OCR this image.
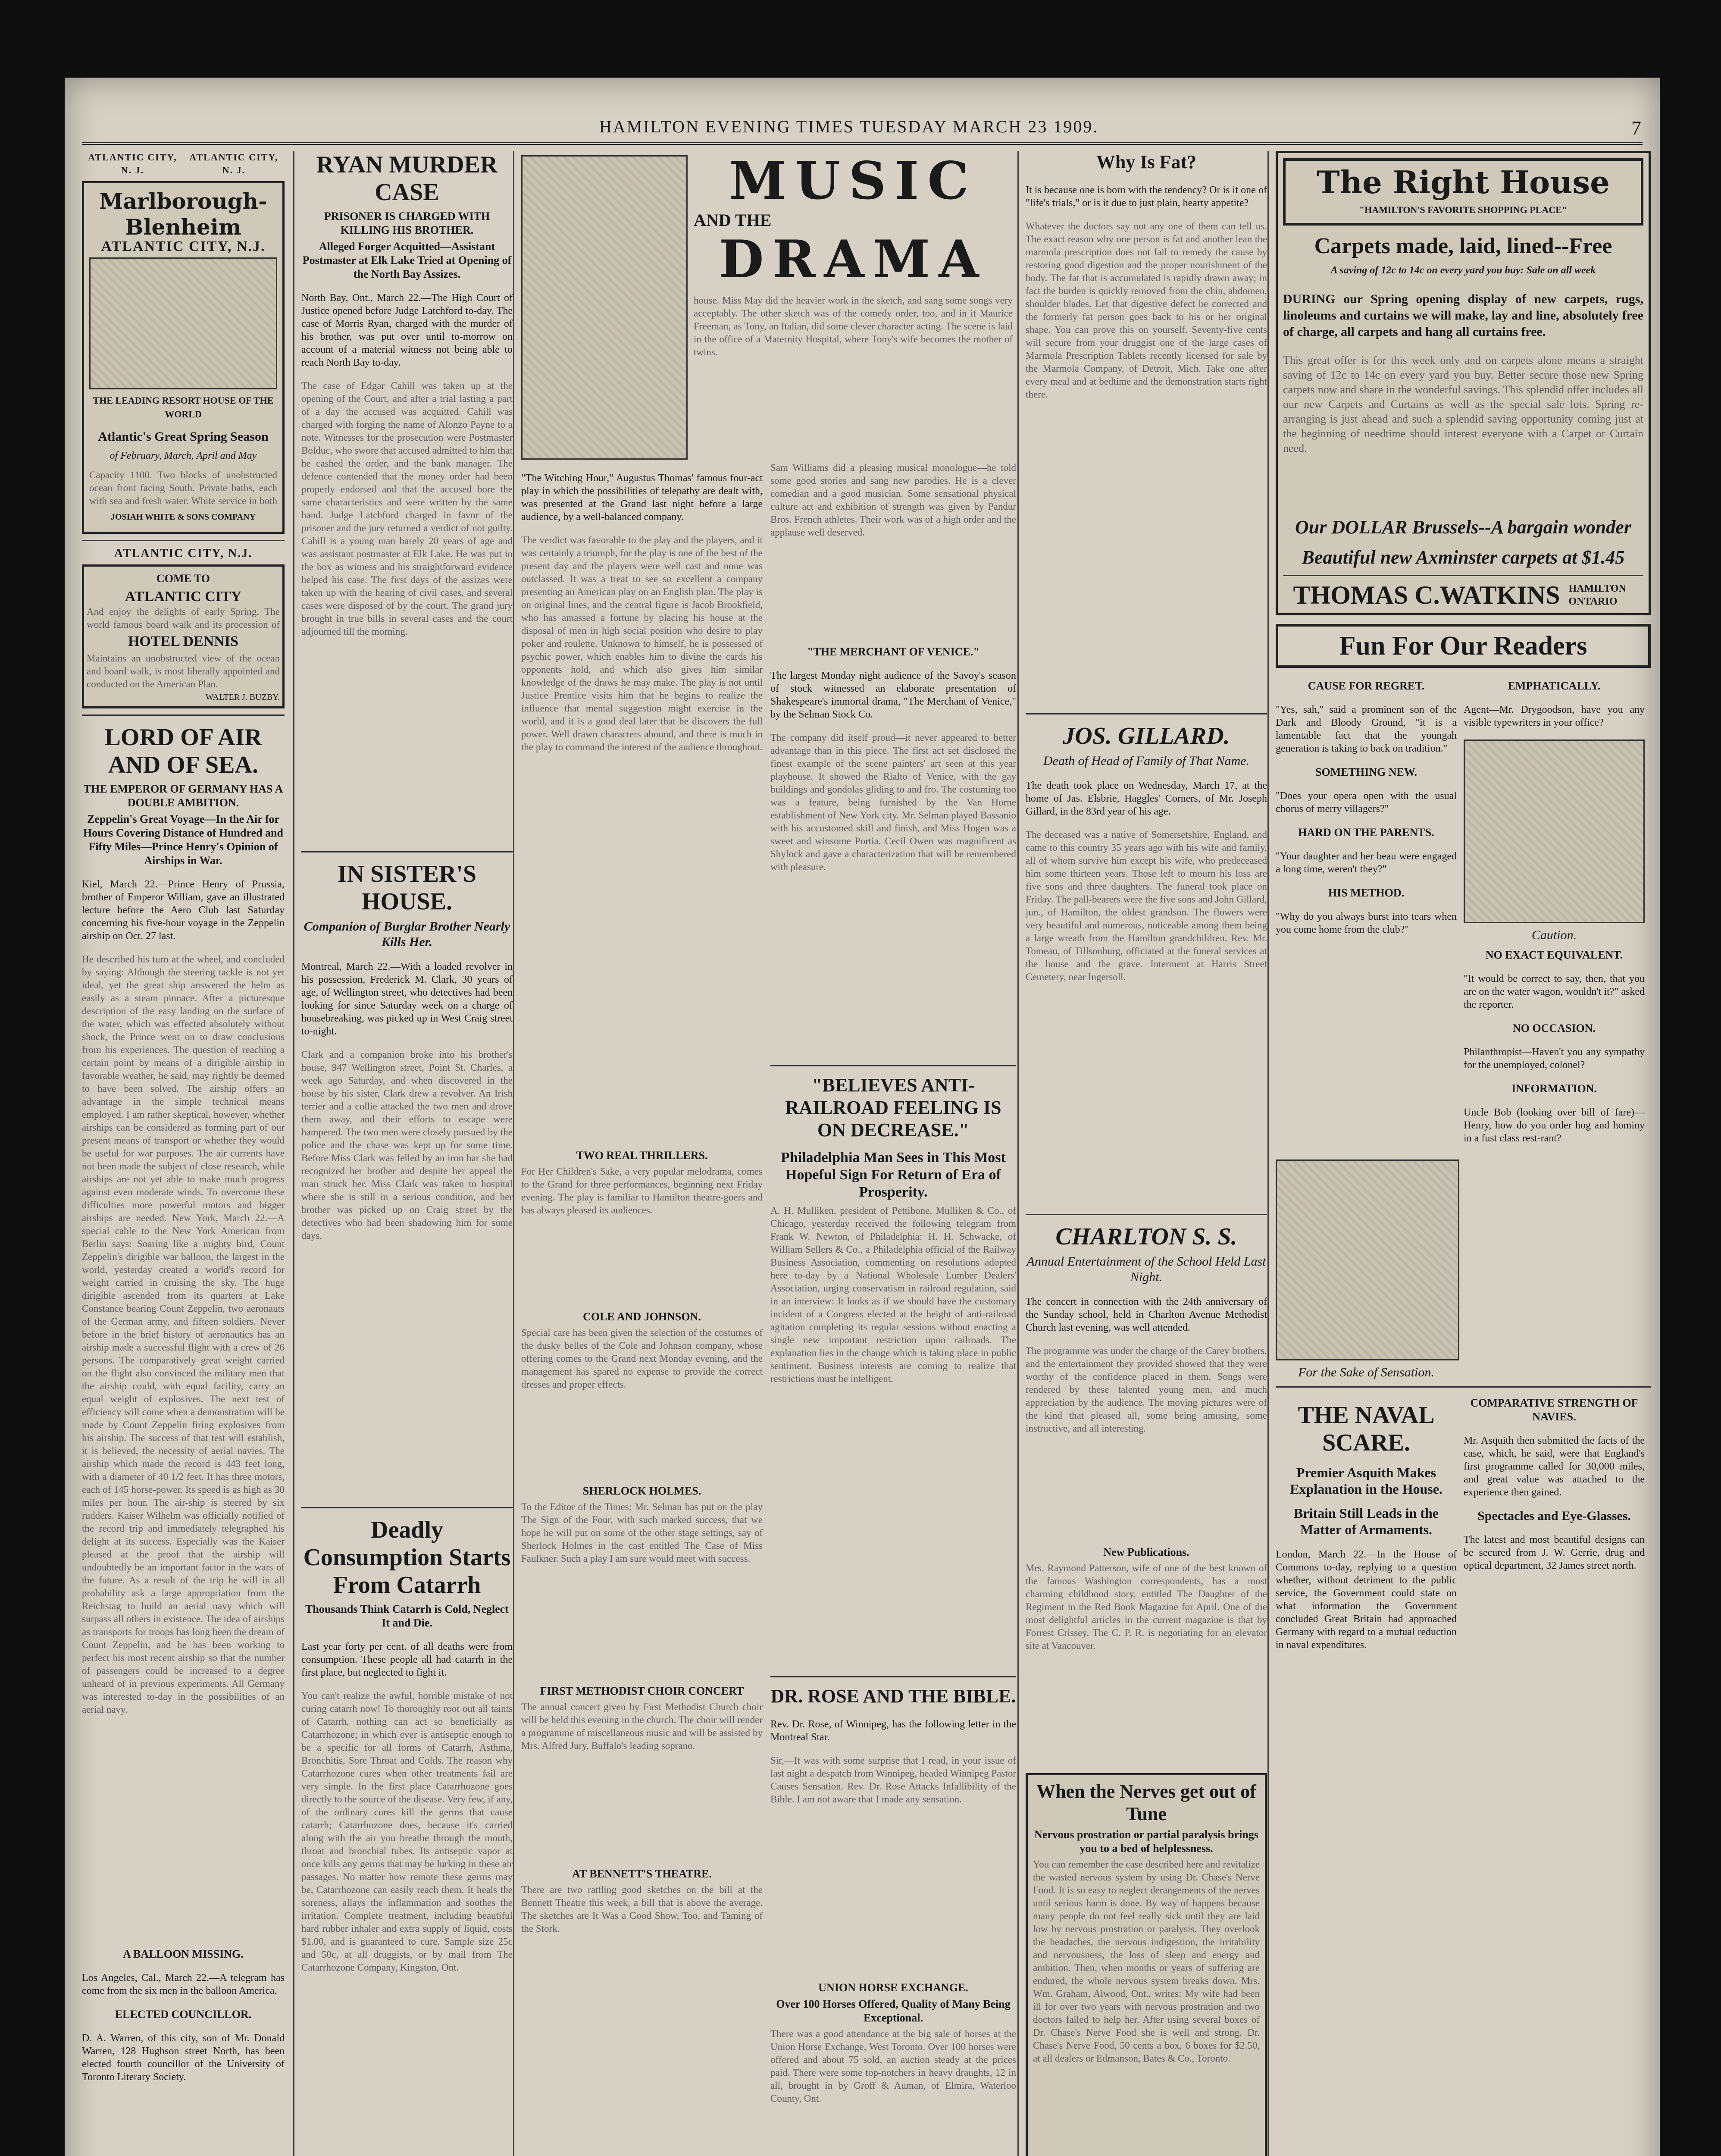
HAMILTON EVENING TIMES TUESDAY MARCH 23 1909.	7
ATLANTIC CITY, N. J.
ATLANTIC CITY, N. J.
Marlborough-Blenheim
ATLANTIC CITY, N.J.
THE LEADING RESORT HOUSE OF THE WORLD
Atlantic's Great Spring Season
of February, March, April and May
Capacity 1100. Two blocks of unobstructed ocean front facing South. Private baths, each with sea and fresh water. White service in both
JOSIAH WHITE & SONS COMPANY
ATLANTIC CITY, N.J.
COME TO
ATLANTIC CITY
And enjoy the delights of early Spring. The world famous board walk and its procession of
HOTEL DENNIS
Maintains an unobstructed view of the ocean and board walk, is most liberally appointed and conducted on the American Plan.
WALTER J. BUZBY.
LORD OF AIR AND OF SEA.
THE EMPEROR OF GERMANY HAS A DOUBLE AMBITION.
Zeppelin's Great Voyage—In the Air for Hours Covering Distance of Hundred and Fifty Miles—Prince Henry's Opinion of Airships in War.

Kiel, March 22.—Prince Henry of Prussia, brother of Emperor William, gave an illustrated lecture before the Aero Club last Saturday concerning his five-hour voyage in the Zeppelin airship on Oct. 27 last.

He described his turn at the wheel, and concluded by saying: Although the steering tackle is not yet ideal, yet the great ship answered the helm as easily as a steam pinnace. After a picturesque description of the easy landing on the surface of the water, which was effected absolutely without shock, the Prince went on to draw conclusions from his experiences. The question of reaching a certain point by means of a dirigible airship in favorable weather, he said, may rightly be deemed to have been solved. The airship offers an advantage in the simple technical means employed. I am rather skeptical, however, whether airships can be considered as forming part of our present means of transport or whether they would be useful for war purposes. The air currents have not been made the subject of close research, while airships are not yet able to make much progress against even moderate winds. To overcome these difficulties more powerful motors and bigger airships are needed. New York, March 22.—A special cable to the New York American from Berlin says: Soaring like a mighty bird, Count Zeppelin's dirigible war balloon, the largest in the world, yesterday created a world's record for weight carried in cruising the sky. The huge dirigible ascended from its quarters at Lake Constance bearing Count Zeppelin, two aeronauts of the German army, and fifteen soldiers. Never before in the brief history of aeronautics has an airship made a successful flight with a crew of 26 persons. The comparatively great weight carried on the flight also convinced the military men that the airship could, with equal facility, carry an equal weight of explosives. The next test of efficiency will come when a demonstration will be made by Count Zeppelin firing explosives from his airship. The success of that test will establish, it is believed, the necessity of aerial navies. The airship which made the record is 443 feet long, with a diameter of 40 1/2 feet. It has three motors, each of 145 horse-power. Its speed is as high as 30 miles per hour. The air-ship is steered by six rudders. Kaiser Wilhelm was officially notified of the record trip and immediately telegraphed his delight at its success. Especially was the Kaiser pleased at the proof that the airship will undoubtedly be an important factor in the wars of the future. As a result of the trip he will in all probability ask a large appropriation from the Reichstag to build an aerial navy which will surpass all others in existence. The idea of airships as transports for troops has long been the dream of Count Zeppelin, and he has been working to perfect his most recent airship so that the number of passengers could be increased to a degree unheard of in previous experiments. All Germany was interested to-day in the possibilities of an aerial navy.
A BALLOON MISSING.

Los Angeles, Cal., March 22.—A telegram has come from the six men in the balloon America.

ELECTED COUNCILLOR.

D. A. Warren, of this city, son of Mr. Donald Warren, 128 Hughson street North, has been elected fourth councillor of the University of Toronto Literary Society.

RYAN MURDER CASE
PRISONER IS CHARGED WITH KILLING HIS BROTHER.
Alleged Forger Acquitted—Assistant Postmaster at Elk Lake Tried at Opening of the North Bay Assizes.

North Bay, Ont., March 22.—The High Court of Justice opened before Judge Latchford to-day. The case of Morris Ryan, charged with the murder of his brother, was put over until to-morrow on account of a material witness not being able to reach North Bay to-day.

The case of Edgar Cahill was taken up at the opening of the Court, and after a trial lasting a part of a day the accused was acquitted. Cahill was charged with forging the name of Alonzo Payne to a note. Witnesses for the prosecution were Postmaster Bolduc, who swore that accused admitted to him that he cashed the order, and the bank manager. The defence contended that the money order had been properly endorsed and that the accused bore the same characteristics and were written by the same hand. Judge Latchford charged in favor of the prisoner and the jury returned a verdict of not guilty. Cahill is a young man barely 20 years of age and was assistant postmaster at Elk Lake. He was put in the box as witness and his straightforward evidence helped his case. The first days of the assizes were taken up with the hearing of civil cases, and several cases were disposed of by the court. The grand jury brought in true bills in several cases and the court adjourned till the morning.
IN SISTER'S HOUSE.
Companion of Burglar Brother Nearly Kills Her.

Montreal, March 22.—With a loaded revolver in his possession, Frederick M. Clark, 30 years of age, of Wellington street, who detectives had been looking for since Saturday week on a charge of housebreaking, was picked up in West Craig street to-night.

Clark and a companion broke into his brother's house, 947 Wellington street, Point St. Charles, a week ago Saturday, and when discovered in the house by his sister, Clark drew a revolver. An Irish terrier and a collie attacked the two men and drove them away, and their efforts to escape were hampered. The two men were closely pursued by the police and the chase was kept up for some time. Before Miss Clark was felled by an iron bar she had recognized her brother and despite her appeal the man struck her. Miss Clark was taken to hospital where she is still in a serious condition, and her brother was picked up on Craig street by the detectives who had been shadowing him for some days.
Deadly Consumption Starts From Catarrh
Thousands Think Catarrh is Cold, Neglect It and Die.

Last year forty per cent. of all deaths were from consumption. These people all had catarrh in the first place, but neglected to fight it.

You can't realize the awful, horrible mistake of not curing catarrh now! To thoroughly root out all taints of Catarrh, nothing can act so beneficially as Catarrhozone; in which ever is antiseptic enough to be a specific for all forms of Catarrh, Asthma, Bronchitis, Sore Throat and Colds. The reason why Catarrhozone cures when other treatments fail are very simple. In the first place Catarrhozone goes directly to the source of the disease. Very few, if any, of the ordinary cures kill the germs that cause catarrh; Catarrhozone does, because it's carried along with the air you breathe through the mouth, throat and bronchial tubes. Its antiseptic vapor at once kills any germs that may be lurking in these air passages. No matter how remote these germs may be, Catarrhozone can easily reach them. It heals the soreness, allays the inflammation and soothes the irritation. Complete treatment, including beautiful hard rubber inhaler and extra supply of liquid, costs $1.00, and is guaranteed to cure. Sample size 25c and 50c, at all druggists, or by mail from The Catarrhozone Company, Kingston, Ont.
MUSIC
AND THE
DRAMA
house. Miss May did the heavier work in the sketch, and sang some songs very acceptably. The other sketch was of the comedy order, too, and in it Maurice Freeman, as Tony, an Italian, did some clever character acting. The scene is laid in the office of a Maternity Hospital, where Tony's wife becomes the mother of twins.

"The Witching Hour," Augustus Thomas' famous four-act play in which the possibilities of telepathy are dealt with, was presented at the Grand last night before a large audience, by a well-balanced company.

The verdict was favorable to the play and the players, and it was certainly a triumph, for the play is one of the best of the present day and the players were well cast and none was outclassed. It was a treat to see so excellent a company presenting an American play on an English plan. The play is on original lines, and the central figure is Jacob Brookfield, who has amassed a fortune by placing his house at the disposal of men in high social position who desire to play poker and roulette. Unknown to himself, he is possessed of psychic power, which enables him to divine the cards his opponents hold, and which also gives him similar knowledge of the draws he may make. The play is not until Justice Prentice visits him that he begins to realize the influence that mental suggestion might exercise in the world, and it is a good deal later that he discovers the full power. Well drawn characters abound, and there is much in the play to command the interest of the audience throughout.
TWO REAL THRILLERS.
For Her Children's Sake, a very popular melodrama, comes to the Grand for three performances, beginning next Friday evening. The play is familiar to Hamilton theatre-goers and has always pleased its audiences.
COLE AND JOHNSON.
Special care has been given the selection of the costumes of the dusky belles of the Cole and Johnson company, whose offering comes to the Grand next Monday evening, and the management has spared no expense to provide the correct dresses and proper effects.
SHERLOCK HOLMES.
To the Editor of the Times: Mr. Selman has put on the play The Sign of the Four, with such marked success, that we hope he will put on some of the other stage settings, say of Sherlock Holmes in the cast entitled The Case of Miss Faulkner. Such a play I am sure would meet with success.
FIRST METHODIST CHOIR CONCERT
The annual concert given by First Methodist Church choir will be held this evening in the church. The choir will render a programme of miscellaneous music and will be assisted by Mrs. Alfred Jury, Buffalo's leading soprano.
AT BENNETT'S THEATRE.
There are two rattling good sketches on the bill at the Bennett Theatre this week, a bill that is above the average. The sketches are It Was a Good Show, Too, and Taming of the Stork.
Sam Williams did a pleasing musical monologue—he told some good stories and sang new parodies. He is a clever comedian and a good musician. Some sensational physical culture act and exhibition of strength was given by Pandur Bros. French athletes. Their work was of a high order and the applause well deserved.
"THE MERCHANT OF VENICE."

The largest Monday night audience of the Savoy's season of stock witnessed an elaborate presentation of Shakespeare's immortal drama, "The Merchant of Venice," by the Selman Stock Co.

The company did itself proud—it never appeared to better advantage than in this piece. The first act set disclosed the finest example of the scene painters' art seen at this year playhouse. It showed the Rialto of Venice, with the gay buildings and gondolas gliding to and fro. The costuming too was a feature, being furnished by the Van Horne establishment of New York city. Mr. Selman played Bassanio with his accustomed skill and finish, and Miss Hogen was a sweet and winsome Portia. Cecil Owen was magnificent as Shylock and gave a characterization that will be remembered with pleasure.
"BELIEVES ANTI-RAILROAD FEELING IS ON DECREASE."
Philadelphia Man Sees in This Most Hopeful Sign For Return of Era of Prosperity.
A. H. Mulliken, president of Pettibone, Mulliken & Co., of Chicago, yesterday received the following telegram from Frank W. Newton, of Philadelphia: H. H. Schwacke, of William Sellers & Co., a Philadelphia official of the Railway Business Association, commenting on resolutions adopted here to-day by a National Wholesale Lumber Dealers' Association, urging conservatism in railroad regulation, said in an interview: It looks as if we should have the customary incident of a Congress elected at the height of anti-railroad agitation completing its regular sessions without enacting a single new important restriction upon railroads. The explanation lies in the change which is taking place in public sentiment. Business interests are coming to realize that restrictions must be intelligent.
DR. ROSE AND THE BIBLE.

Rev. Dr. Rose, of Winnipeg, has the following letter in the Montreal Star.

Sir,—It was with some surprise that I read, in your issue of last night a despatch from Winnipeg, headed Winnipeg Pastor Causes Sensation. Rev. Dr. Rose Attacks Infallibility of the Bible. I am not aware that I made any sensation.
UNION HORSE EXCHANGE.
Over 100 Horses Offered, Quality of Many Being Exceptional.
There was a good attendance at the big sale of horses at the Union Horse Exchange, West Toronto. Over 100 horses were offered and about 75 sold, an auction steady at the prices paid. There were some top-notchers in heavy draughts, 12 in all, brought in by Groff & Auman, of Elmira, Waterloo County, Ont.
Why Is Fat?

It is because one is born with the tendency? Or is it one of "life's trials," or is it due to just plain, hearty appetite?

Whatever the doctors say not any one of them can tell us. The exact reason why one person is fat and another lean the marmola prescription does not fail to remedy the cause by restoring good digestion and the proper nourishment of the body. The fat that is accumulated is rapidly drawn away; in fact the burden is quickly removed from the chin, abdomen, shoulder blades. Let that digestive defect be corrected and the formerly fat person goes back to his or her original shape. You can prove this on yourself. Seventy-five cents will secure from your druggist one of the large cases of Marmola Prescription Tablets recently licensed for sale by the Marmola Company, of Detroit, Mich. Take one after every meal and at bedtime and the demonstration starts right there.
JOS. GILLARD.
Death of Head of Family of That Name.

The death took place on Wednesday, March 17, at the home of Jas. Elsbrie, Haggles' Corners, of Mr. Joseph Gillard, in the 83rd year of his age.

The deceased was a native of Somersetshire, England, and came to this country 35 years ago with his wife and family, all of whom survive him except his wife, who predeceased him some thirteen years. Those left to mourn his loss are five sons and three daughters. The funeral took place on Friday. The pall-bearers were the five sons and John Gillard, jun., of Hamilton, the oldest grandson. The flowers were very beautiful and numerous, noticeable among them being a large wreath from the Hamilton grandchildren. Rev. Mr. Tomeau, of Tillsonburg, officiated at the funeral services at the house and the grave. Interment at Harris Street Cemetery, near Ingersoll.
CHARLTON S. S.
Annual Entertainment of the School Held Last Night.

The concert in connection with the 24th anniversary of the Sunday school, held in Charlton Avenue Methodist Church last evening, was well attended.

The programme was under the charge of the Carey brothers, and the entertainment they provided showed that they were worthy of the confidence placed in them. Songs were rendered by these talented young men, and much appreciation by the audience. The moving pictures were of the kind that pleased all, some being amusing, some instructive, and all interesting.
New Publications.
Mrs. Raymond Patterson, wife of one of the best known of the famous Washington correspondents, has a most charming childhood story, entitled The Daughter of the Regiment in the Red Book Magazine for April. One of the most delightful articles in the current magazine is that by Forrest Crissey. The C. P. R. is negotiating for an elevator site at Vancouver.
When the Nerves get out of Tune
Nervous prostration or partial paralysis brings you to a bed of helplessness.
You can remember the case described here and revitalize the wasted nervous system by using Dr. Chase's Nerve Food. It is so easy to neglect derangements of the nerves until serious harm is done. By way of happens because many people do not feel really sick until they are laid low by nervous prostration or paralysis. They overlook the headaches, the nervous indigestion, the irritability and nervousness, the loss of sleep and energy and ambition. Then, when months or years of suffering are endured, the whole nervous system breaks down. Mrs. Wm. Graham, Alwood, Ont., writes: My wife had been ill for over two years with nervous prostration and two doctors failed to help her. After using several boxes of Dr. Chase's Nerve Food she is well and strong. Dr. Chase's Nerve Food, 50 cents a box, 6 boxes for $2.50, at all dealers or Edmanson, Bates & Co., Toronto.
The Right House
"HAMILTON'S FAVORITE SHOPPING PLACE"
Carpets made, laid, lined--Free
A saving of 12c to 14c on every yard you buy: Sale on all week

DURING our Spring opening display of new carpets, rugs, linoleums and curtains we will make, lay and line, absolutely free of charge, all carpets and hang all curtains free.

This great offer is for this week only and on carpets alone means a straight saving of 12c to 14c on every yard you buy. Better secure those new Spring carpets now and share in the wonderful savings. This splendid offer includes all our new Carpets and Curtains as well as the special sale lots. Spring re-arranging is just ahead and such a splendid saving opportunity coming just at the beginning of needtime should interest everyone with a Carpet or Curtain need.
Our DOLLAR Brussels--A bargain wonder
Beautiful new Axminster carpets at $1.45
THOMAS C.WATKINS HAMILTON ONTARIO
Fun For Our Readers
CAUSE FOR REGRET.

"Yes, sah," said a prominent son of the Dark and Bloody Ground, "it is a lamentable fact that the youngah generation is taking to back on tradition."

SOMETHING NEW.

"Does your opera open with the usual chorus of merry villagers?"

HARD ON THE PARENTS.

"Your daughter and her beau were engaged a long time, weren't they?"

HIS METHOD.

"Why do you always burst into tears when you come home from the club?"

EMPHATICALLY.

Agent—Mr. Drygoodson, have you any visible typewriters in your office?

Caution.
NO EXACT EQUIVALENT.

"It would be correct to say, then, that you are on the water wagon, wouldn't it?" asked the reporter.

NO OCCASION.

Philanthropist—Haven't you any sympathy for the unemployed, colonel?

INFORMATION.

Uncle Bob (looking over bill of fare)—Henry, how do you order hog and hominy in a fust class rest-rant?

For the Sake of Sensation.
THE NAVAL SCARE.
Premier Asquith Makes Explanation in the House.
Britain Still Leads in the Matter of Armaments.

London, March 22.—In the House of Commons to-day, replying to a question whether, without detriment to the public service, the Government could state on what information the Government concluded Great Britain had approached Germany with regard to a mutual reduction in naval expenditures.

COMPARATIVE STRENGTH OF NAVIES.

Mr. Asquith then submitted the facts of the case, which, he said, were that England's first programme called for 30,000 miles, and great value was attached to the experience then gained.

Spectacles and Eye-Glasses.

The latest and most beautiful designs can be secured from J. W. Gerrie, drug and optical department, 32 James street north.
